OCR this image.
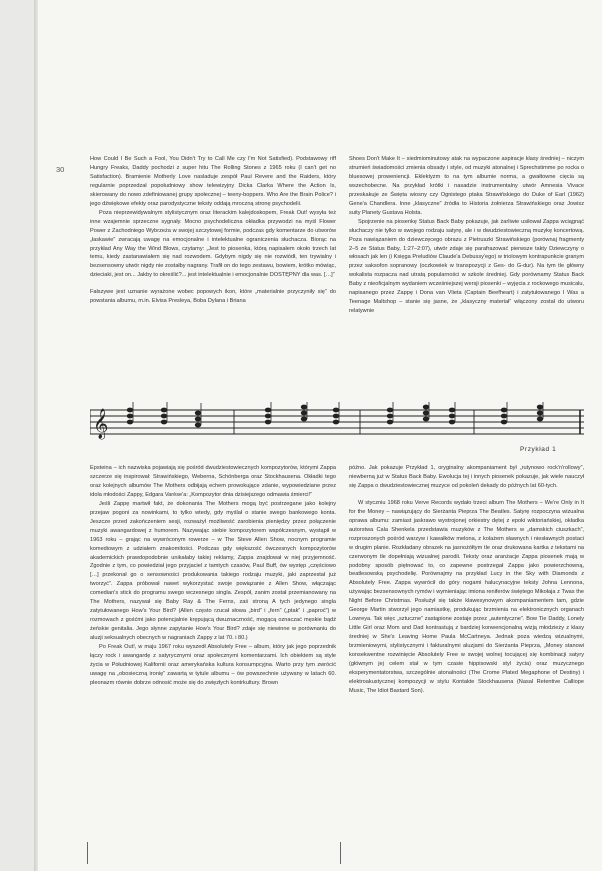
30

How Could I Be Such a Fool, You Didn't Try to Call Me czy I'm Not Satisfied). Podstawowy riff Hungry Freaks, Daddy pochodzi z super hitu The Rolling Stones z 1965 roku (I can't get no Satisfaction). Bramienie Motherly Love nasladuje zespół Paul Revere and the Raiders, który regularnie poprzedzał popołudniowy show telewizyjny Dicka Clarka Where the Action Is, skierowany do nowo zdefiniowanej grupy społecznej – teeny-boppers. Who Are the Brain Police? i jego dźwiękowe efekty oraz parodystyczne teksty oddają mroczną stronę psychodelii.

Poza nieprzewidywalnym stylistycznym oraz literackim kalejdoskopem, Freak Out! wysyła też inne wzajemnie sprzeczne sygnały. Mocno psychodeliczna okładka przywodzi na myśl Flower Power z Zachodniego Wybrzeża w swojej szczytowej formie, podczas gdy komentarze do utworów „łaskawie” zwracają uwagę na emocjonalne i intelektualne ograniczenia słuchacza. Biorąc na przykład Any Way the Wind Blows, czytamy: „Jest to piosenka, którą napisałem około trzech lat temu, kiedy zastanawiałem się nad rozwodem. Gdybym nigdy się nie rozwiódł, ten trywialny i bezsensowny utwór nigdy nie zostałby nagrany. Trafił on do tego zestawu, bowiem, krótko mówiąc, dzieciaki, jest on... Jakby to określić?... jest intelektualnie i emocjonalnie DOSTĘPNY dla was. […]”

Fałszywe jest uznanie wyrażone wobec popowych ikon, które „materialnie przyczyniły się” do powstania albumu, m.in. Elvisa Presleya, Boba Dylana i Briana

Shoes Don't Make It – siedmiominutowy atak na wypaczone aspiracje klasy średniej – niczym strumień świadomości zmienia obsady i style, od muzyki atonalnej i Sprechstimme po rocka o bluesowej proweniencji. Eklektyzm to na tym albumie norma, a gwałtowne cięcia są wszechobecne. Na przykład krótki i nasadzie instrumentalny utwór Amnesia Vivace przeskakuje ze Święta wiosny czy Ognistego ptaka Strawińskiego do Duke of Earl (1962) Gene'a Chandlera. Inne „klasyczne” źródła to Historia żołnierza Strawińskiego oraz Jowisz suity Planety Gustava Holsta.

Spojrzenie na piosenkę Status Back Baby pokazuje, jak żarliwie usiłował Zappa wciągnąć słuchaczy nie tylko w swojego rodzaju satyrę, ale i w dwudziestowieczną muzykę koncertową. Poza nawiązaniem do dziewczęcego obrazu z Pietruszki Strawińskiego (porównaj fragmenty 2–5 ze Status Baby, 1:27–2:07), utwór zdaje się parafrazować pierwsze takty Dziewczyny o włosach jak len (i Księga Preludiów Claude'a Debussy'ego) w triolowym kontrapunkcie granym przez saksofon sopranowy (oczkowiek w transpozycji z Ges- do G-dur). Na tym tle główny wokalista rozpacza nad utratą popularności w szkole średniej. Gdy porównamy Status Back Baby z nieoficjalnym wydaniem wcześniejszej wersji piosenki – wyjęcia z rockowego musicalu, napisanego przez Zappę i Dona van Vlieta (Captain Beefheart) i zatytułowanego I Was a Teenage Maltshop – stanie się jasne, że „klasyczny materiał” włączony został do utworu relatywnie

𝄞
Przykład 1

Epsteina – ich nazwiska pojawiają się pośród dwudziestowiecznych kompozytorów, którymi Zappa szczerze się inspirował: Strawińskiego, Weberna, Schönberga oraz Stockhausena. Okładki tego oraz kolejnych albumów The Mothers odbijają echem prowokujące zdanie, wypowiedziane przez idola młodości Zappy, Edgara Varèse'a: „Kompozytor dnia dzisiejszego odmawia śmierci!”

Jeśli Zappę martwił fakt, że dokonania The Mothers mogą być postrzegane jako kolejny przejaw pogoni za nowinkami, to tylko wtedy, gdy myślał o stanie swego bankowego konta. Jeszcze przed zakończeniem sesji, rozważył możliwość zarobienia pieniędzy przez połączenie muzyki awangardowej z humorem. Nazywając siebie kompozytorem współczesnym, wystąpił w 1963 roku – grając na wywróconym rowerze – w The Steve Allen Show, nocnym programie komediowym z udziałem znakomitości. Podczas gdy większość ówczesnych kompozytorów akademickich prawdopodobnie unikałaby takiej reklamy, Zappa znajdował w niej przyjemność. Zgodnie z tym, co powiedział jego przyjaciel z tamtych czasów, Paul Buff, ów występ „częściowo […] przekonał go o sensowności produkowania takiego rodzaju muzyki, jaki zaprzestał już tworzyć”. Zappa próbował nawet wykorzystać swoje powiązanie z Allen Show, włączając comedian's stick do programu swego wczesnego singla. Zespół, zanim został przemianowany na The Mothers, nazywał się Baby Ray & The Ferns, zaś stroną A tych jedynego singla zatytułowanego How's Your Bird? (Allen często rzucał słowa „bird” i „fern” („ptak” i „paproć”) w rozmowach z gośćmi jako potencjalnie krępującą dwuznaczność, mogącą oznaczać męskie bądź żeńskie genitalia. Jego słynne zapytanie How's Your Bird? zdaje się niewinne w porównaniu do aluzji seksualnych obecnych w nagraniach Zappy z lat 70. i 80.)

Po Freak Out!, w maju 1967 roku wyszedł Absolutely Free – album, który jak jego poprzednik łączy rock i awangardę z satyrycznymi oraz społecznymi komentarzami. Ich obiektem są style życia w Południowej Kalifornii oraz amerykańska kultura konsumpcyjna. Warto przy tym zwrócić uwagę na „obosieczną ironię” zawartą w tytule albumu – ów powszechnie używany w latach 60. pleonazm równie dobrze odnosić może się do zwięzłych kontrkultury. Brown

późno. Jak pokazuje Przykład 1, oryginalny akompaniament był „rutynowo rock'n'rollowy”, niewberną już w Status Back Baby. Ewolucja tej i innych piosenek pokazuje, jak wiele nauczył się Zappa o dwudziestowiecznej muzyce od pokoleń dekady do późnych lat 60-tych.

W styczniu 1968 roku Verve Records wydało trzeci album The Mothers – We're Only in It for the Money – nawiązujący do Sierżanta Pieprza The Beatles. Satyrę rozpoczyna wizualna oprawa albumu: zamiast jaskrawo wystrojonej orkiestry dętej z epoki wiktoriańskiej, okładka autorstwa Cala Shenkela przedstawia muzyków z The Mothers w „damskich ciuszkach”, rozproszonych pośród warzyw i kawałków melona, z kolażem sławnych i niesławnych postaci w drugim planie. Rozkładany obrazek na jasnożółtym tle oraz drukowana kartka z tekstami na czerwonym tle dopełniają wizualnej parodii. Teksty oraz aranżacje Zappa piosenek mają w podobny sposób piętnować to, co zapewne postrzegał Zappa jako powierzchowną, beatlesowską psychodelię. Porównajmy na przykład Lucy in the Sky with Diamonds z Absolutely Free. Zappa wywrócił do góry nogami halucynacyjne teksty Johna Lennona, używając bezsensownych rymów i wymieniając imiona reniferów świętego Mikołaja z Twas the Night Before Christmas. Posłużył się także klawesynowym akompaniamentem tam, gdzie George Martin stworzył jego namiastkę, produkując brzmienia na elektronicznych organach Lowreya. Tak więc „sztuczne” zastąpione zostaje przez „autentyczne”. Bow Tie Daddy, Lonely Little Girl oraz Mom and Dad kontrastują z bardziej konwencjonalną wizją młodzieży z klasy średniej w She's Leaving Home Paula McCartneya. Jednak poza wiedzą wizualnymi, brzmieniowymi, stylistycznymi i fakturalnymi aluzjami do Sierżanta Pieprza, „Money stanowi konsekwentne rozwinięcie Absolutely Free w swojej wolnej tocującej się kombinacji satyry (głównym jej celem stał w tym czasie hippisowski styl życia) oraz muzycznego eksperymentatorstwa, szczególnie atonalności (The Crome Plated Megaphone of Destiny) i elektroakustycznej kompozycji w stylu Kontakte Stockhausena (Nasal Retentive Calliope Music, The Idiot Bastard Son).
